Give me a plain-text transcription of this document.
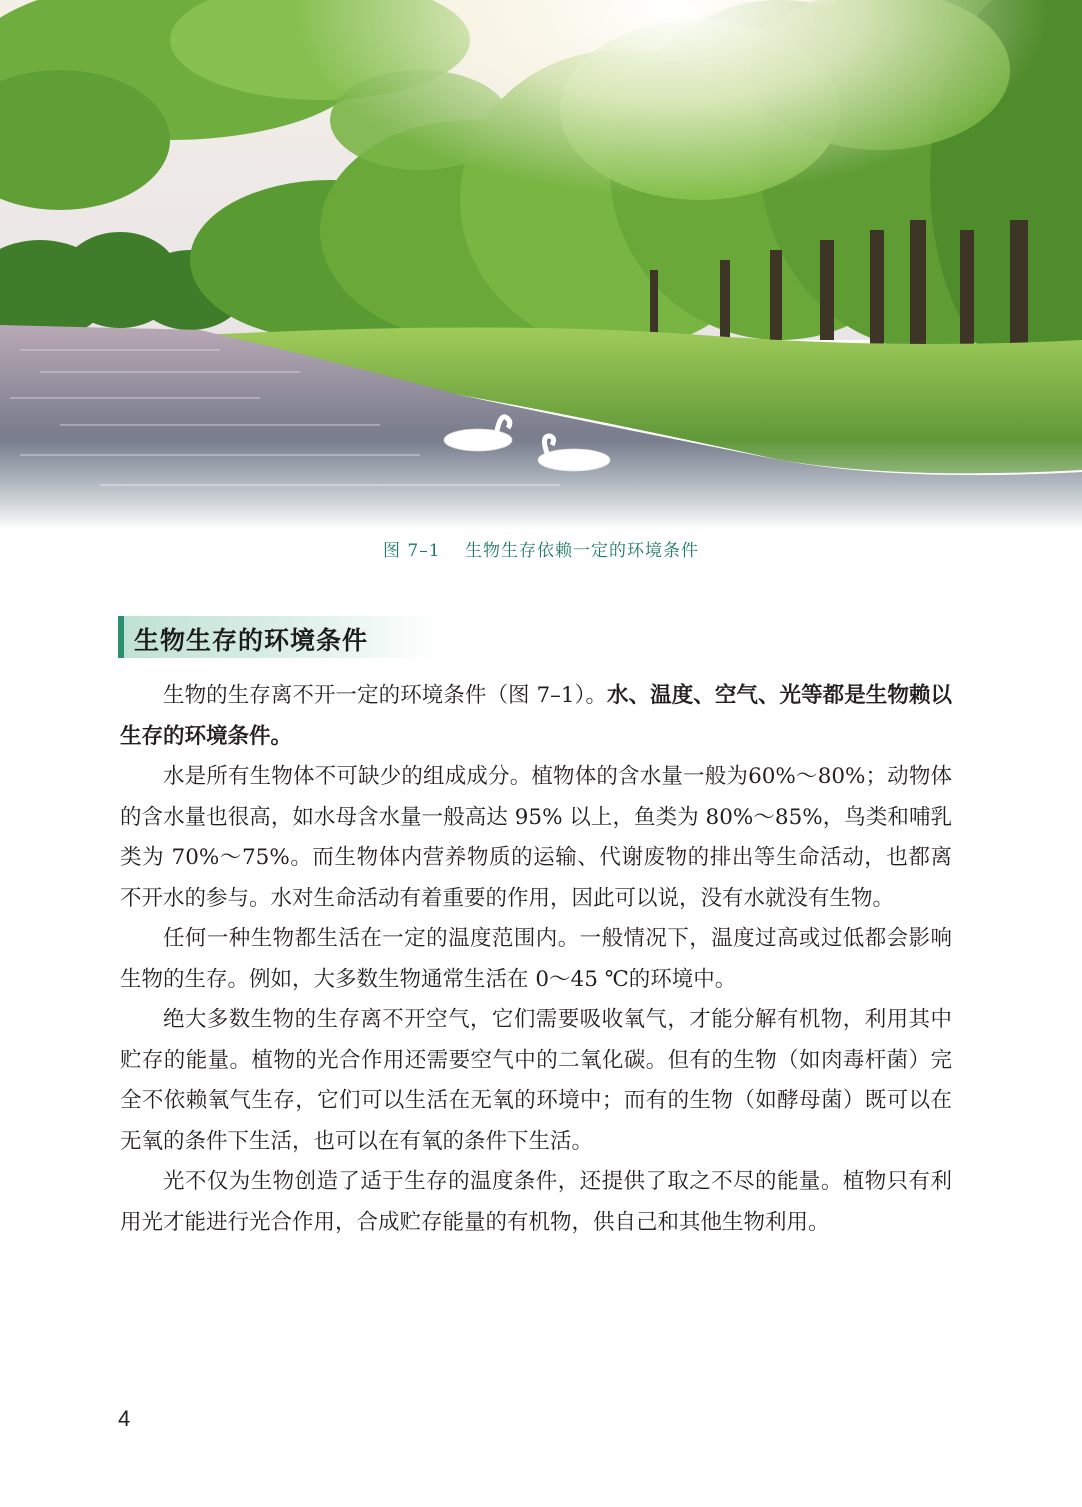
图 7–1 生物生存依赖一定的环境条件
生物生存的环境条件

生物的生存离不开一定的环境条件（图 7–1）。水、温度、空气、光等都是生物赖以生存的环境条件。

水是所有生物体不可缺少的组成成分。植物体的含水量一般为60%～80%；动物体的含水量也很高，如水母含水量一般高达 95% 以上，鱼类为 80%～85%，鸟类和哺乳类为 70%～75%。而生物体内营养物质的运输、代谢废物的排出等生命活动，也都离不开水的参与。水对生命活动有着重要的作用，因此可以说，没有水就没有生物。

任何一种生物都生活在一定的温度范围内。一般情况下，温度过高或过低都会影响生物的生存。例如，大多数生物通常生活在 0～45 ℃的环境中。

绝大多数生物的生存离不开空气，它们需要吸收氧气，才能分解有机物，利用其中贮存的能量。植物的光合作用还需要空气中的二氧化碳。但有的生物（如肉毒杆菌）完全不依赖氧气生存，它们可以生活在无氧的环境中；而有的生物（如酵母菌）既可以在无氧的条件下生活，也可以在有氧的条件下生活。

光不仅为生物创造了适于生存的温度条件，还提供了取之不尽的能量。植物只有利用光才能进行光合作用，合成贮存能量的有机物，供自己和其他生物利用。

4
